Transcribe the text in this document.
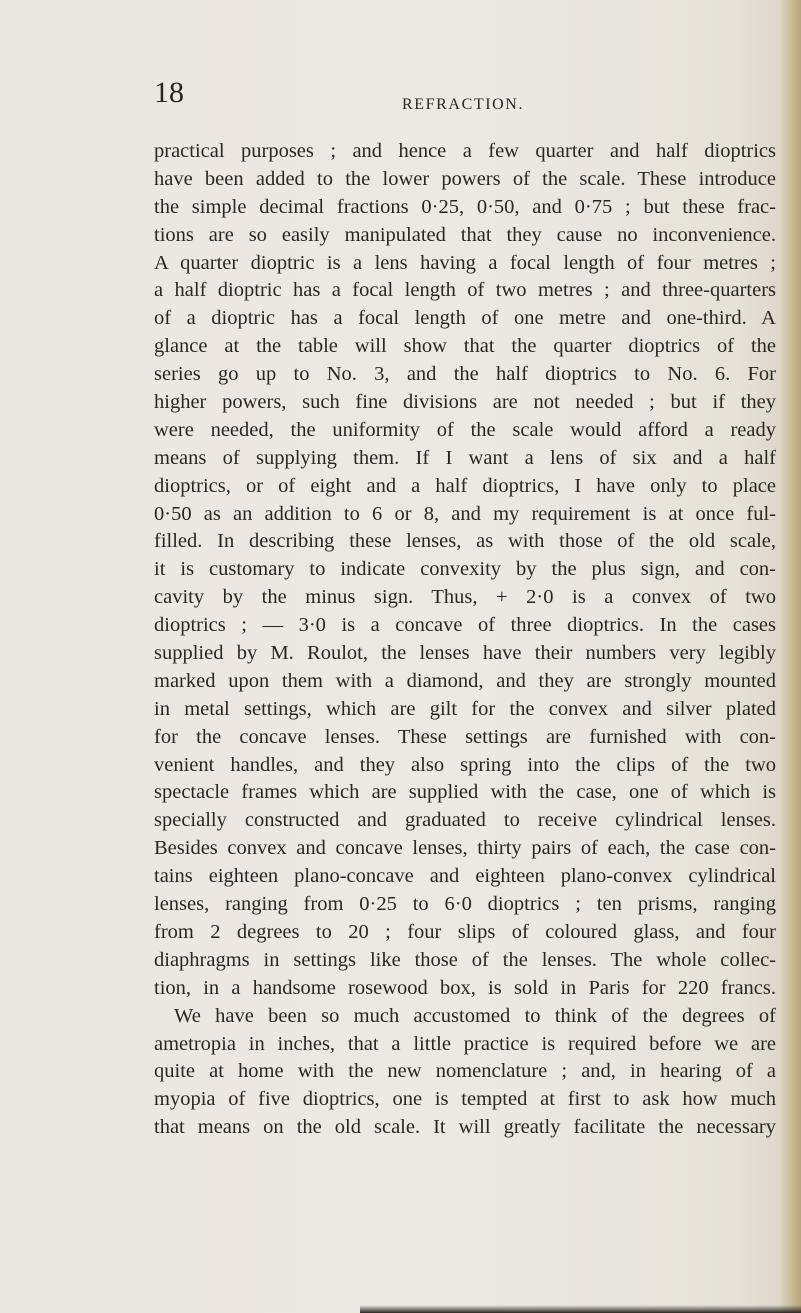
18	REFRACTION.
practical purposes ; and hence a few quarter and half dioptrics
have been added to the lower powers of the scale. These introduce
the simple decimal fractions 0·25, 0·50, and 0·75 ; but these frac-
tions are so easily manipulated that they cause no inconvenience.
A quarter dioptric is a lens having a focal length of four metres ;
a half dioptric has a focal length of two metres ; and three-quarters
of a dioptric has a focal length of one metre and one-third. A
glance at the table will show that the quarter dioptrics of the
series go up to No. 3, and the half dioptrics to No. 6. For
higher powers, such fine divisions are not needed ; but if they
were needed, the uniformity of the scale would afford a ready
means of supplying them. If I want a lens of six and a half
dioptrics, or of eight and a half dioptrics, I have only to place
0·50 as an addition to 6 or 8, and my requirement is at once ful-
filled. In describing these lenses, as with those of the old scale,
it is customary to indicate convexity by the plus sign, and con-
cavity by the minus sign. Thus, + 2·0 is a convex of two
dioptrics ; — 3·0 is a concave of three dioptrics. In the cases
supplied by M. Roulot, the lenses have their numbers very legibly
marked upon them with a diamond, and they are strongly mounted
in metal settings, which are gilt for the convex and silver plated
for the concave lenses. These settings are furnished with con-
venient handles, and they also spring into the clips of the two
spectacle frames which are supplied with the case, one of which is
specially constructed and graduated to receive cylindrical lenses.
Besides convex and concave lenses, thirty pairs of each, the case con-
tains eighteen plano-concave and eighteen plano-convex cylindrical
lenses, ranging from 0·25 to 6·0 dioptrics ; ten prisms, ranging
from 2 degrees to 20 ; four slips of coloured glass, and four
diaphragms in settings like those of the lenses. The whole collec-
tion, in a handsome rosewood box, is sold in Paris for 220 francs.
We have been so much accustomed to think of the degrees of
ametropia in inches, that a little practice is required before we are
quite at home with the new nomenclature ; and, in hearing of a
myopia of five dioptrics, one is tempted at first to ask how much
that means on the old scale. It will greatly facilitate the necessary
